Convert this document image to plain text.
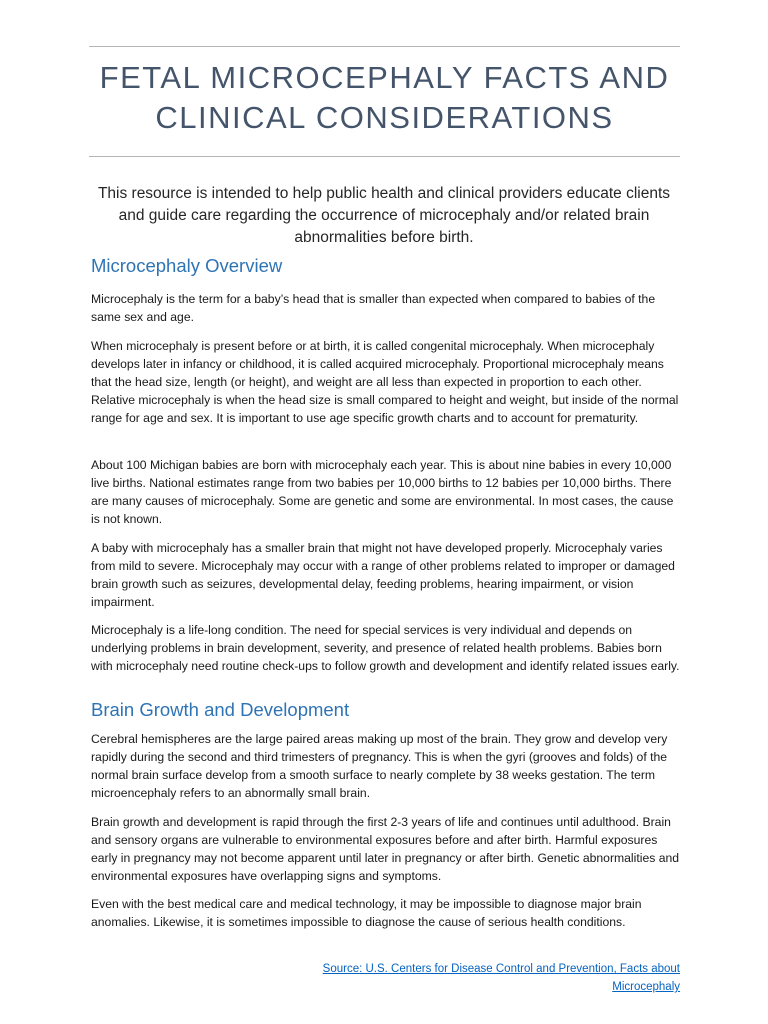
FETAL MICROCEPHALY FACTS AND CLINICAL CONSIDERATIONS

This resource is intended to help public health and clinical providers educate clients and guide care regarding the occurrence of microcephaly and/or related brain abnormalities before birth.

Microcephaly Overview

Microcephaly is the term for a baby’s head that is smaller than expected when compared to babies of the same sex and age.

When microcephaly is present before or at birth, it is called congenital microcephaly. When microcephaly develops later in infancy or childhood, it is called acquired microcephaly. Proportional microcephaly means that the head size, length (or height), and weight are all less than expected in proportion to each other. Relative microcephaly is when the head size is small compared to height and weight, but inside of the normal range for age and sex. It is important to use age specific growth charts and to account for prematurity.

About 100 Michigan babies are born with microcephaly each year. This is about nine babies in every 10,000 live births. National estimates range from two babies per 10,000 births to 12 babies per 10,000 births. There are many causes of microcephaly. Some are genetic and some are environmental. In most cases, the cause is not known.

A baby with microcephaly has a smaller brain that might not have developed properly. Microcephaly varies from mild to severe. Microcephaly may occur with a range of other problems related to improper or damaged brain growth such as seizures, developmental delay, feeding problems, hearing impairment, or vision impairment.

Microcephaly is a life-long condition. The need for special services is very individual and depends on underlying problems in brain development, severity, and presence of related health problems. Babies born with microcephaly need routine check-ups to follow growth and development and identify related issues early.

Brain Growth and Development

Cerebral hemispheres are the large paired areas making up most of the brain. They grow and develop very rapidly during the second and third trimesters of pregnancy. This is when the gyri (grooves and folds) of the normal brain surface develop from a smooth surface to nearly complete by 38 weeks gestation. The term microencephaly refers to an abnormally small brain.

Brain growth and development is rapid through the first 2-3 years of life and continues until adulthood. Brain and sensory organs are vulnerable to environmental exposures before and after birth. Harmful exposures early in pregnancy may not become apparent until later in pregnancy or after birth. Genetic abnormalities and environmental exposures have overlapping signs and symptoms.

Even with the best medical care and medical technology, it may be impossible to diagnose major brain anomalies. Likewise, it is sometimes impossible to diagnose the cause of serious health conditions.

Source: U.S. Centers for Disease Control and Prevention, Facts about Microcephaly
